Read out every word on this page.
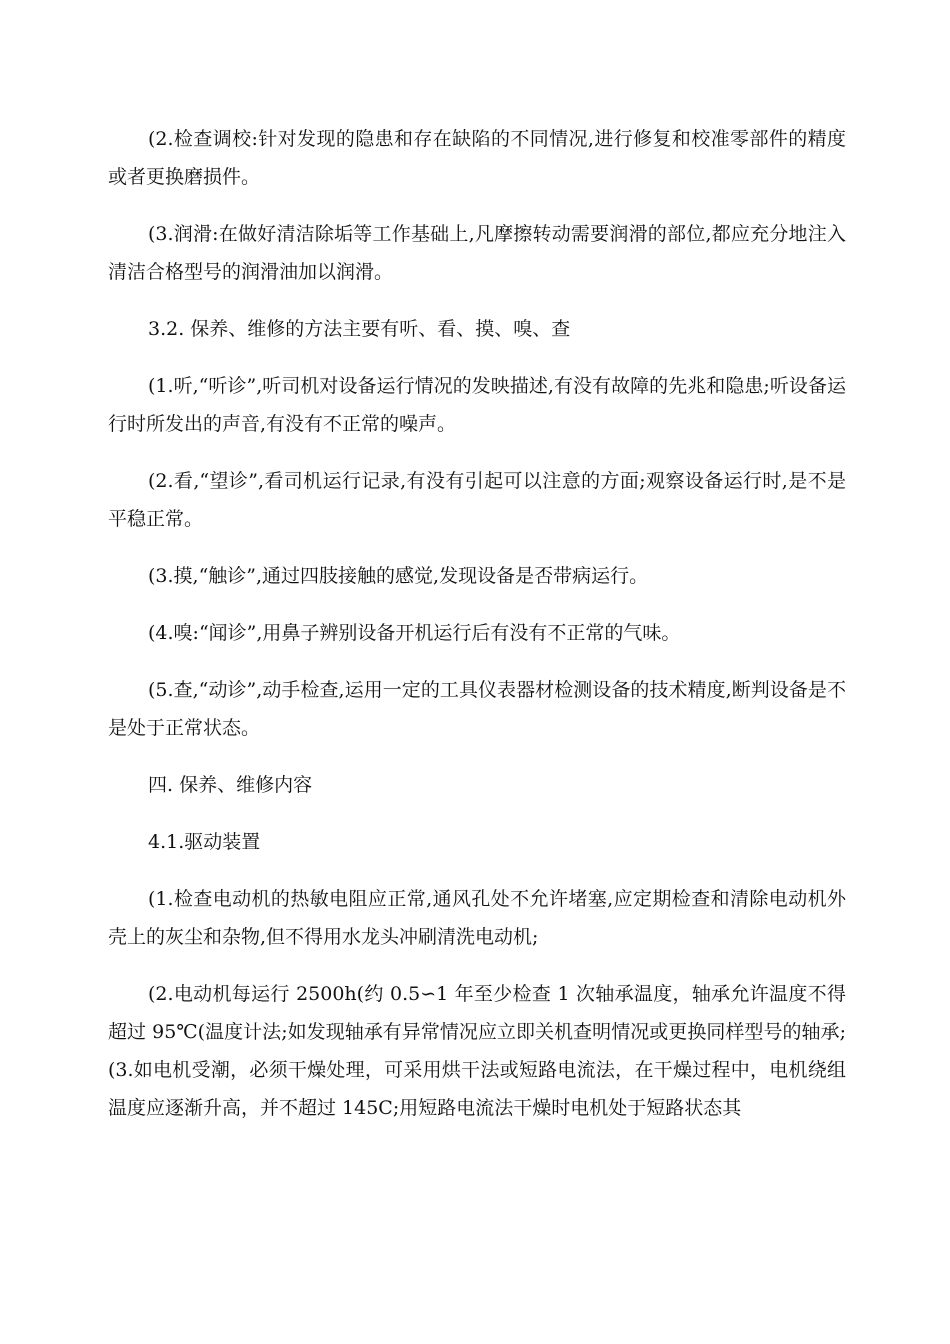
(2.检查调校:针对发现的隐患和存在缺陷的不同情况,进行修复和校准零部件的精度或者更换磨损件。

(3.润滑:在做好清洁除垢等工作基础上,凡摩擦转动需要润滑的部位,都应充分地注入清洁合格型号的润滑油加以润滑。

3.2. 保养、维修的方法主要有听、看、摸、嗅、查

(1.听,“听诊”,听司机对设备运行情况的发映描述,有没有故障的先兆和隐患;听设备运行时所发出的声音,有没有不正常的噪声。

(2.看,“望诊”,看司机运行记录,有没有引起可以注意的方面;观察设备运行时,是不是平稳正常。

(3.摸,“触诊”,通过四肢接触的感觉,发现设备是否带病运行。

(4.嗅:“闻诊”,用鼻子辨别设备开机运行后有没有不正常的气味。

(5.查,“动诊”,动手检查,运用一定的工具仪表器材检测设备的技术精度,断判设备是不是处于正常状态。

四. 保养、维修内容

4.1.驱动装置

(1.检查电动机的热敏电阻应正常,通风孔处不允许堵塞,应定期检查和清除电动机外壳上的灰尘和杂物,但不得用水龙头冲刷清洗电动机;

(2.电动机每运行 2500h(约 0.5∽1 年至少检查 1 次轴承温度，轴承允许温度不得超过 95℃(温度计法;如发现轴承有异常情况应立即关机查明情况或更换同样型号的轴承;(3.如电机受潮，必须干燥处理，可采用烘干法或短路电流法，在干燥过程中，电机绕组温度应逐渐升高，并不超过 145C;用短路电流法干燥时电机处于短路状态其
